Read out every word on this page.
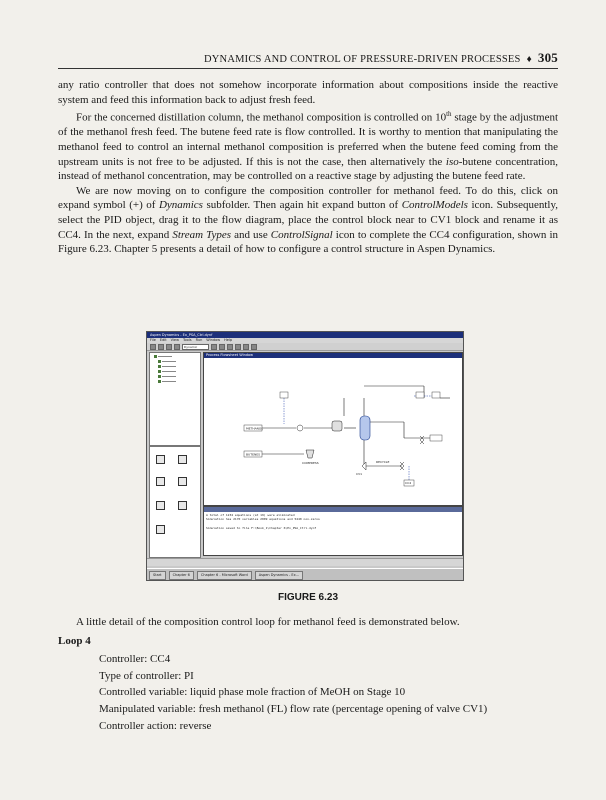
DYNAMICS AND CONTROL OF PRESSURE-DRIVEN PROCESSES ♦ 305

any ratio controller that does not somehow incorporate information about compositions inside the reactive system and feed this information back to adjust fresh feed.

For the concerned distillation column, the methanol composition is controlled on 10th stage by the adjustment of the methanol fresh feed. The butene feed rate is flow controlled. It is worthy to mention that manipulating the methanol feed to control an internal methanol composition is preferred when the butene feed coming from the upstream units is not free to be adjusted. If this is not the case, then alternatively the iso-butene concentration, instead of methanol concentration, may be controlled on a reactive stage by adjusting the butene feed rate.

We are now moving on to configure the composition controller for methanol feed. To do this, click on expand symbol (+) of Dynamics subfolder. Then again hit expand button of ControlModels icon. Subsequently, select the PID object, drag it to the flow diagram, place the control block near to CV1 block and rename it as CC4. In the next, expand Stream Types and use ControlSignal icon to complete the CC4 configuration, shown in Figure 6.23. Chapter 5 presents a detail of how to configure a control structure in Aspen Dynamics.

Aspen Dynamics - Ex_PSA_Ctrl.dynf
File Edit View Tools Run Window Help
Dynamic
Process Flowsheet Window
METHANOL
BUTENES
COMPRESS	RECYCLE
CC4
CV1
A total of 1234 equations (at 19) were eliminated
Simulation has 2170 variables 2009 equations and 5440 non-zeros

Simulation saved to file F:\Book_1\Chapter 6\Ex_PSA_Ctrl.dynf
Start	Chapter 6	Chapter 6 - Microsoft Word	Aspen Dynamics - Ex...
FIGURE 6.23

A little detail of the composition control loop for methanol feed is demonstrated below.

Loop 4

Controller: CC4
Type of controller: PI
Controlled variable: liquid phase mole fraction of MeOH on Stage 10
Manipulated variable: fresh methanol (FL) flow rate (percentage opening of valve CV1)
Controller action: reverse
